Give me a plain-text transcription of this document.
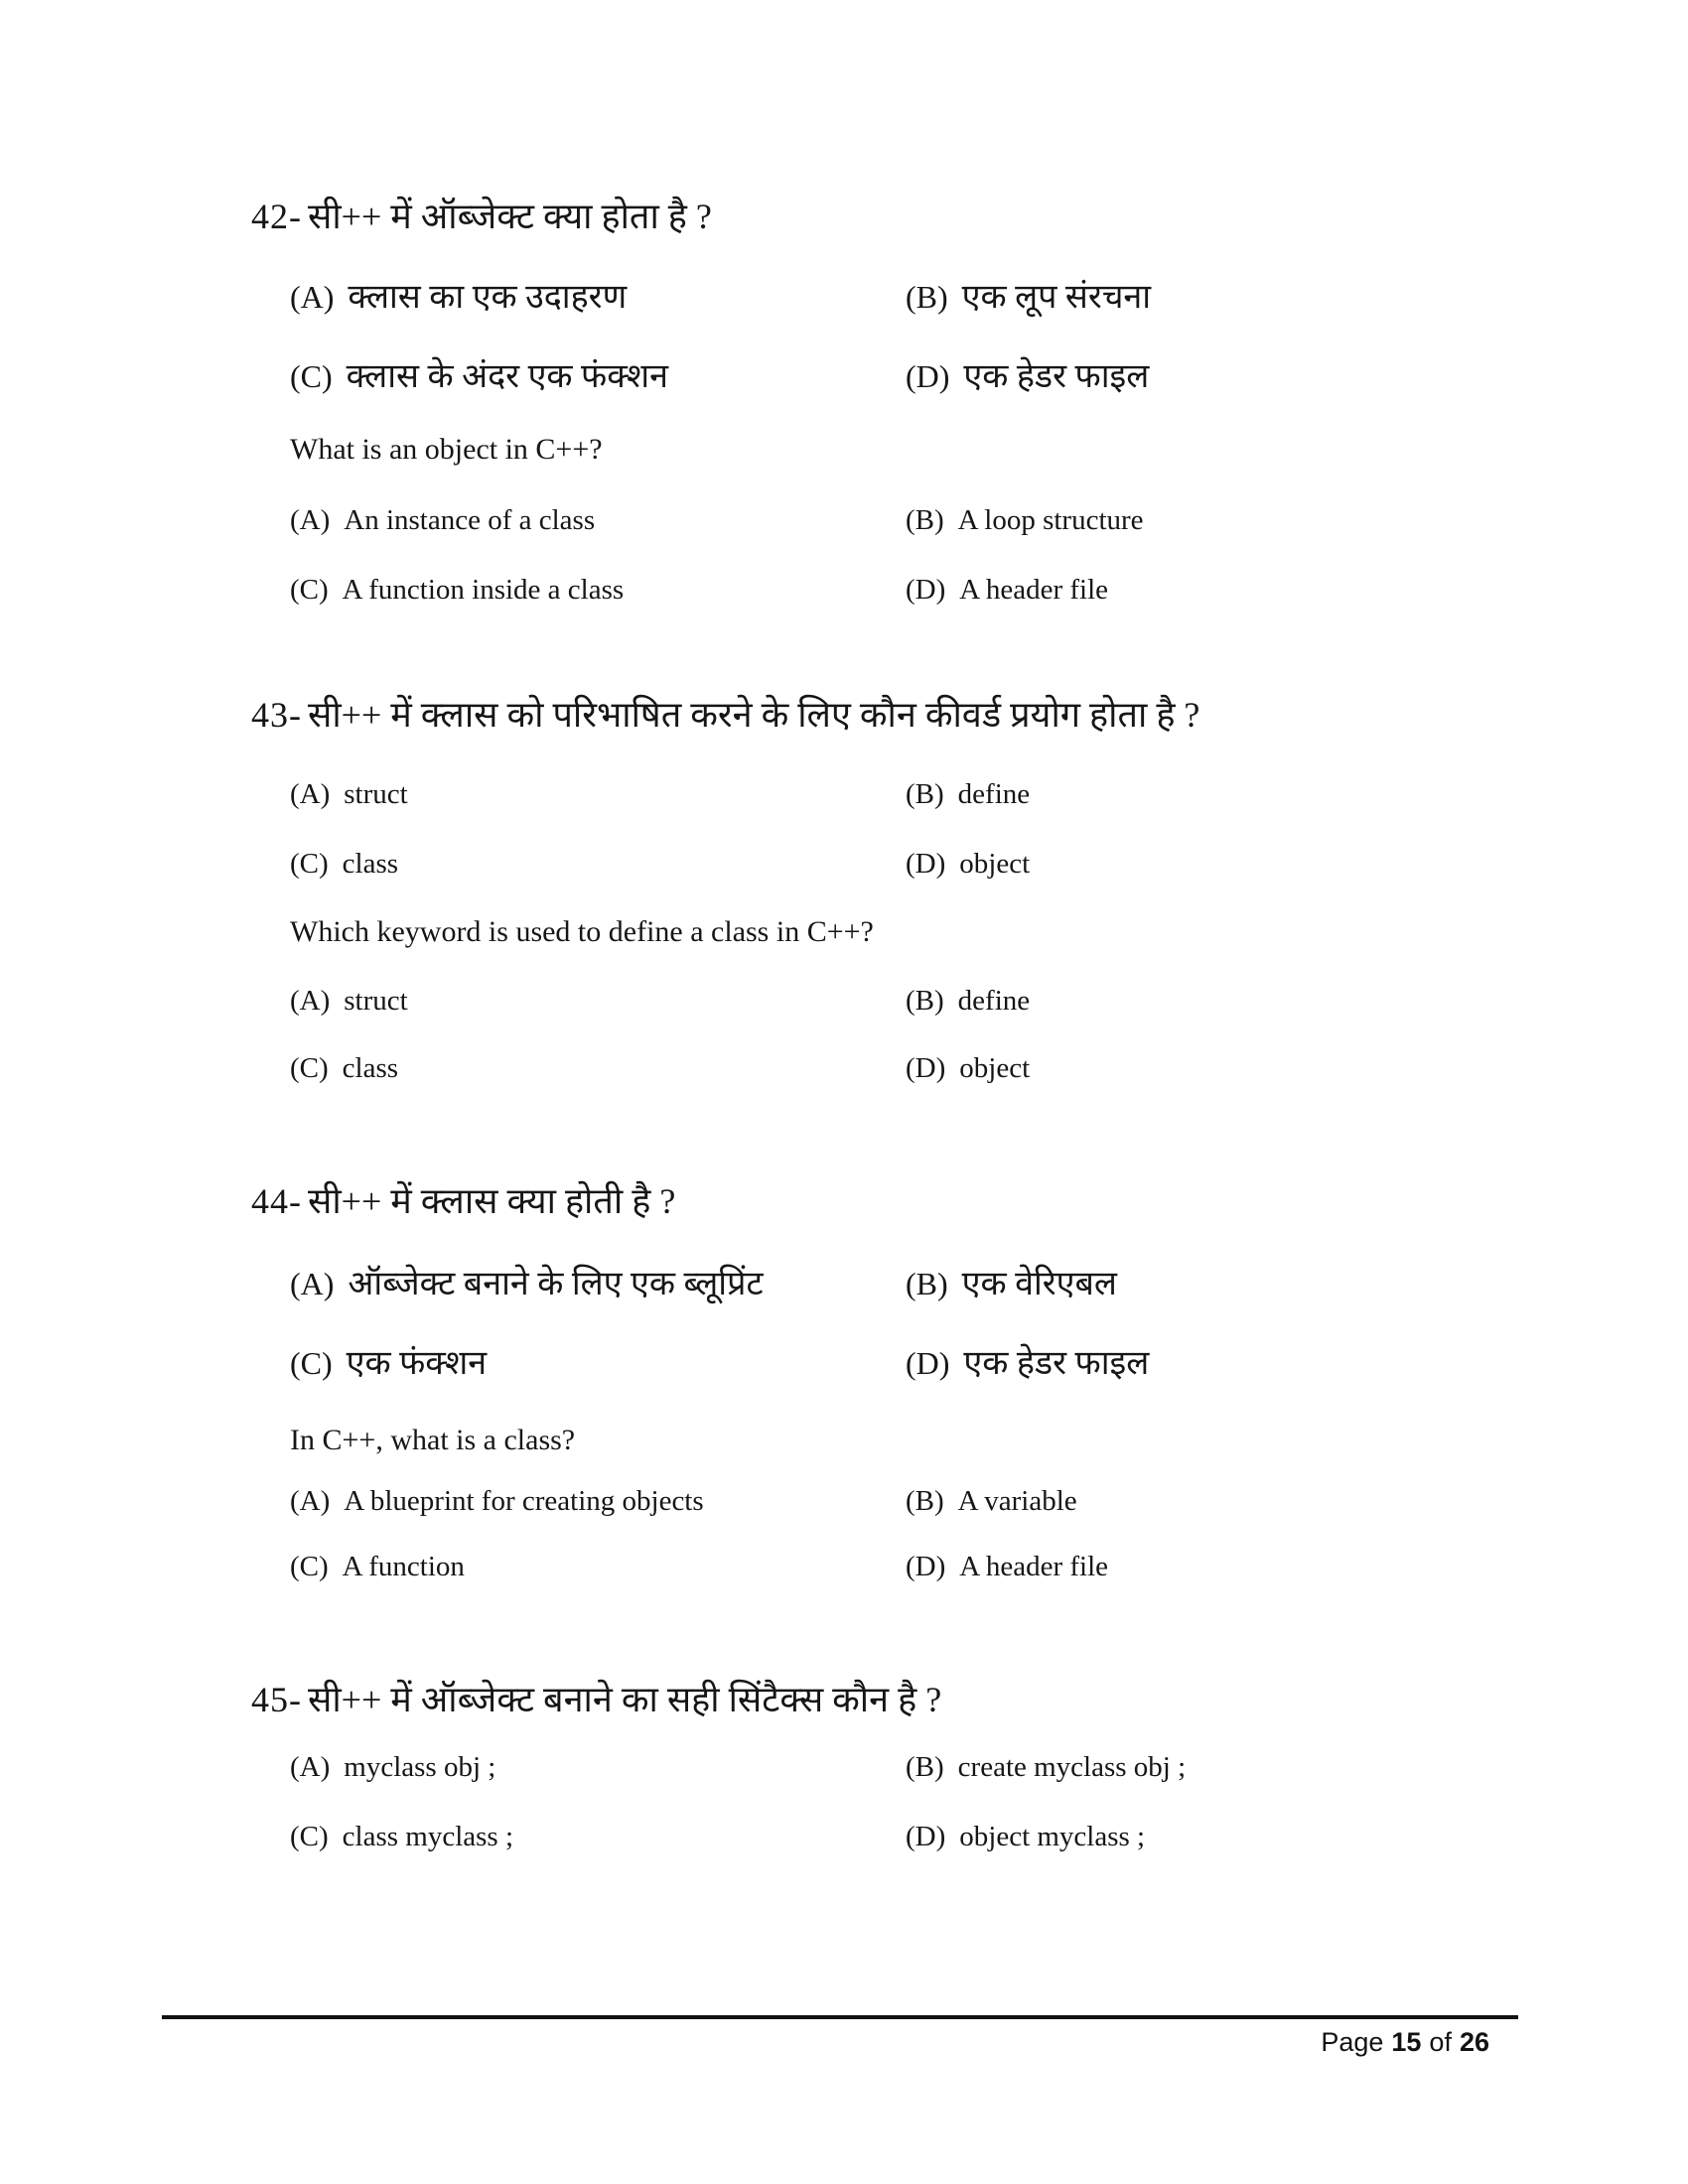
42- सी++ में ऑब्जेक्ट क्या होता है ?
(A) क्लास का एक उदाहरण	(B) एक लूप संरचना
(C) क्लास के अंदर एक फंक्शन	(D) एक हेडर फाइल
What is an object in C++?
(A) An instance of a class	(B) A loop structure
(C) A function inside a class	(D) A header file
43- सी++ में क्लास को परिभाषित करने के लिए कौन कीवर्ड प्रयोग होता है ?
(A) struct	(B) define
(C) class	(D) object
Which keyword is used to define a class in C++?
(A) struct	(B) define
(C) class	(D) object
44- सी++ में क्लास क्या होती है ?
(A) ऑब्जेक्ट बनाने के लिए एक ब्लूप्रिंट	(B) एक वेरिएबल
(C) एक फंक्शन	(D) एक हेडर फाइल
In C++, what is a class?
(A) A blueprint for creating objects	(B) A variable
(C) A function	(D) A header file
45- सी++ में ऑब्जेक्ट बनाने का सही सिंटैक्स कौन है ?
(A) myclass obj ;	(B) create myclass obj ;
(C) class myclass ;	(D) object myclass ;
Page 15 of 26
